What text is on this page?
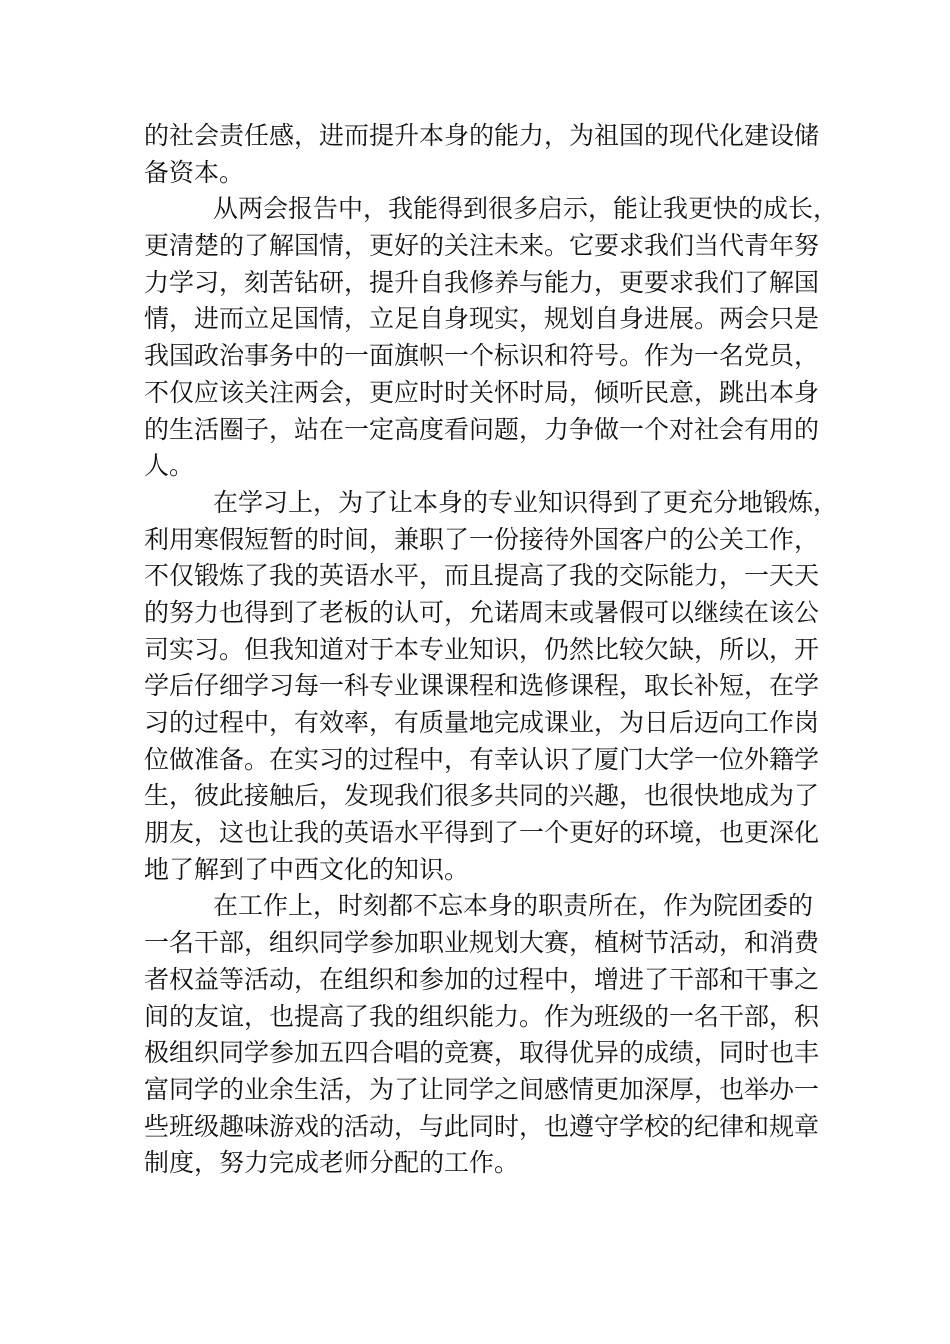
的社会责任感，进而提升本身的能力，为祖国的现代化建设储
备资本。
从两会报告中，我能得到很多启示，能让我更快的成长，
更清楚的了解国情，更好的关注未来。它要求我们当代青年努
力学习，刻苦钻研，提升自我修养与能力，更要求我们了解国
情，进而立足国情，立足自身现实，规划自身进展。两会只是
我国政治事务中的一面旗帜一个标识和符号。作为一名党员，
不仅应该关注两会，更应时时关怀时局，倾听民意，跳出本身
的生活圈子，站在一定高度看问题，力争做一个对社会有用的
人。
在学习上，为了让本身的专业知识得到了更充分地锻炼，
利用寒假短暂的时间，兼职了一份接待外国客户的公关工作，
不仅锻炼了我的英语水平，而且提高了我的交际能力，一天天
的努力也得到了老板的认可，允诺周末或暑假可以继续在该公
司实习。但我知道对于本专业知识，仍然比较欠缺，所以，开
学后仔细学习每一科专业课课程和选修课程，取长补短，在学
习的过程中，有效率，有质量地完成课业，为日后迈向工作岗
位做准备。在实习的过程中，有幸认识了厦门大学一位外籍学
生，彼此接触后，发现我们很多共同的兴趣，也很快地成为了
朋友，这也让我的英语水平得到了一个更好的环境，也更深化
地了解到了中西文化的知识。
在工作上，时刻都不忘本身的职责所在，作为院团委的
一名干部，组织同学参加职业规划大赛，植树节活动，和消费
者权益等活动，在组织和参加的过程中，增进了干部和干事之
间的友谊，也提高了我的组织能力。作为班级的一名干部，积
极组织同学参加五四合唱的竞赛，取得优异的成绩，同时也丰
富同学的业余生活，为了让同学之间感情更加深厚，也举办一
些班级趣味游戏的活动，与此同时，也遵守学校的纪律和规章
制度，努力完成老师分配的工作。
